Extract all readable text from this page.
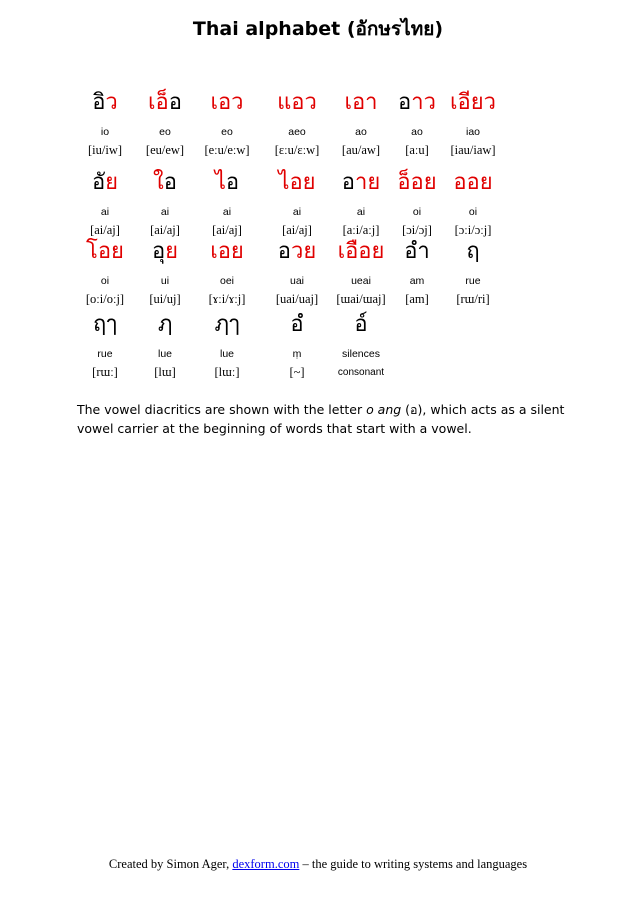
Thai alphabet (อักษรไทย)
อิว
io
[iu/iw]
เอ็อ
eo
[eu/ew]
เอว
eo
[eːu/eːw]
แอว
aeo
[ɛːu/ɛːw]
เอา
ao
[au/aw]
อาว
ao
[aːu]
เอียว
iao
[iau/iaw]
อัย
ai
[ai/aj]
ใอ
ai
[ai/aj]
ไอ
ai
[ai/aj]
ไอย
ai
[ai/aj]
อาย
ai
[aːi/aːj]
อ็อย
oi
[ɔi/ɔj]
ออย
oi
[ɔːi/ɔːj]
โอย
oi
[oːi/oːj]
อุย
ui
[ui/uj]
เอย
oei
[ɤːi/ɤːj]
อวย
uai
[uai/uaj]
เอือย
ueai
[ɯai/ɯaj]
อ
am
[am]
ฤ
rue
[rɯ/ri]
ฤๅ
rue
[rɯː]
ฦ
lue
[lɯ]
ฦๅ
lue
[lɯː]
อํ
ṃ
[~]
อ์
silences
consonant
The vowel diacritics are shown with the letter o ang (อ), which acts as a silent vowel carrier at the beginning of words that start with a vowel.
Created by Simon Ager, dexform.com – the guide to writing systems and languages
